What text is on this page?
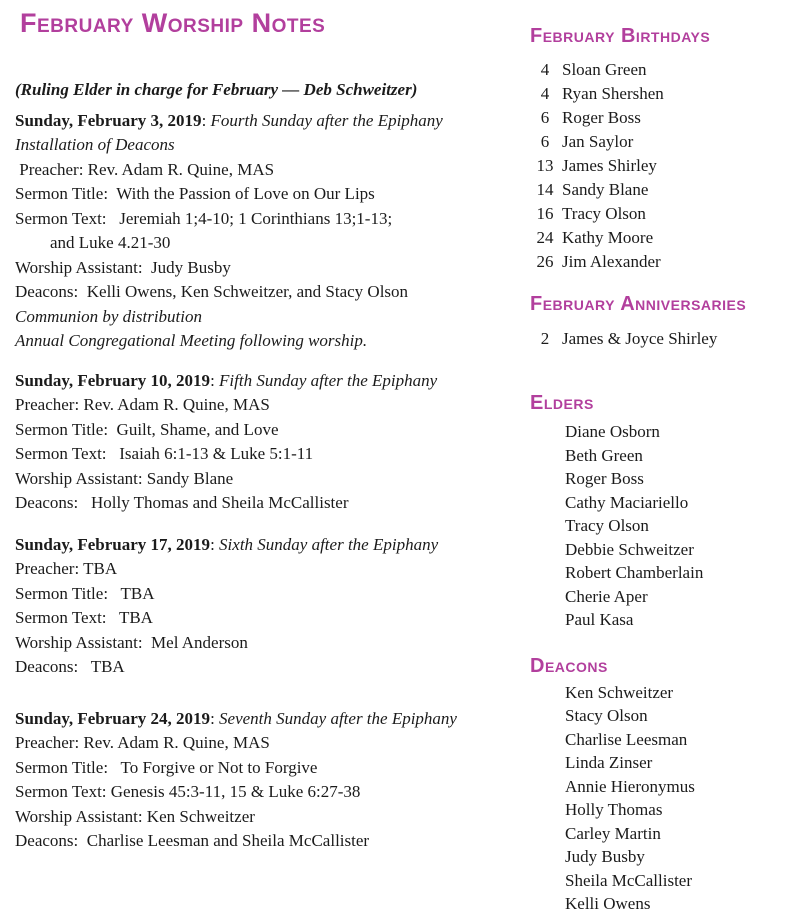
February Worship Notes

(Ruling Elder in charge for February — Deb Schweitzer)

Sunday, February 3, 2019: Fourth Sunday after the Epiphany
Installation of Deacons
Preacher: Rev. Adam R. Quine, MAS
Sermon Title:  With the Passion of Love on Our Lips
Sermon Text:   Jeremiah 1;4-10; 1 Corinthians 13;1-13;
and Luke 4.21-30
Worship Assistant:  Judy Busby
Deacons:  Kelli Owens, Ken Schweitzer, and Stacy Olson
Communion by distribution
Annual Congregational Meeting following worship.
Sunday, February 10, 2019: Fifth Sunday after the Epiphany
Preacher: Rev. Adam R. Quine, MAS
Sermon Title:  Guilt, Shame, and Love
Sermon Text:   Isaiah 6:1-13 & Luke 5:1-11
Worship Assistant: Sandy Blane
Deacons:   Holly Thomas and Sheila McCallister
Sunday, February 17, 2019: Sixth Sunday after the Epiphany
Preacher: TBA
Sermon Title:   TBA
Sermon Text:   TBA
Worship Assistant:  Mel Anderson
Deacons:   TBA
Sunday, February 24, 2019: Seventh Sunday after the Epiphany
Preacher: Rev. Adam R. Quine, MAS
Sermon Title:   To Forgive or Not to Forgive
Sermon Text: Genesis 45:3-11, 15 & Luke 6:27-38
Worship Assistant: Ken Schweitzer
Deacons:  Charlise Leesman and Sheila McCallister
February Birthdays
4 Sloan Green
4 Ryan Shershen
6 Roger Boss
6 Jan Saylor
13 James Shirley
14 Sandy Blane
16 Tracy Olson
24 Kathy Moore
26 Jim Alexander
February Anniversaries
2 James & Joyce Shirley
Elders
Diane Osborn
Beth Green
Roger Boss
Cathy Maciariello
Tracy Olson
Debbie Schweitzer
Robert Chamberlain
Cherie Aper
Paul Kasa
Deacons
Ken Schweitzer
Stacy Olson
Charlise Leesman
Linda Zinser
Annie Hieronymus
Holly Thomas
Carley Martin
Judy Busby
Sheila McCallister
Kelli Owens
